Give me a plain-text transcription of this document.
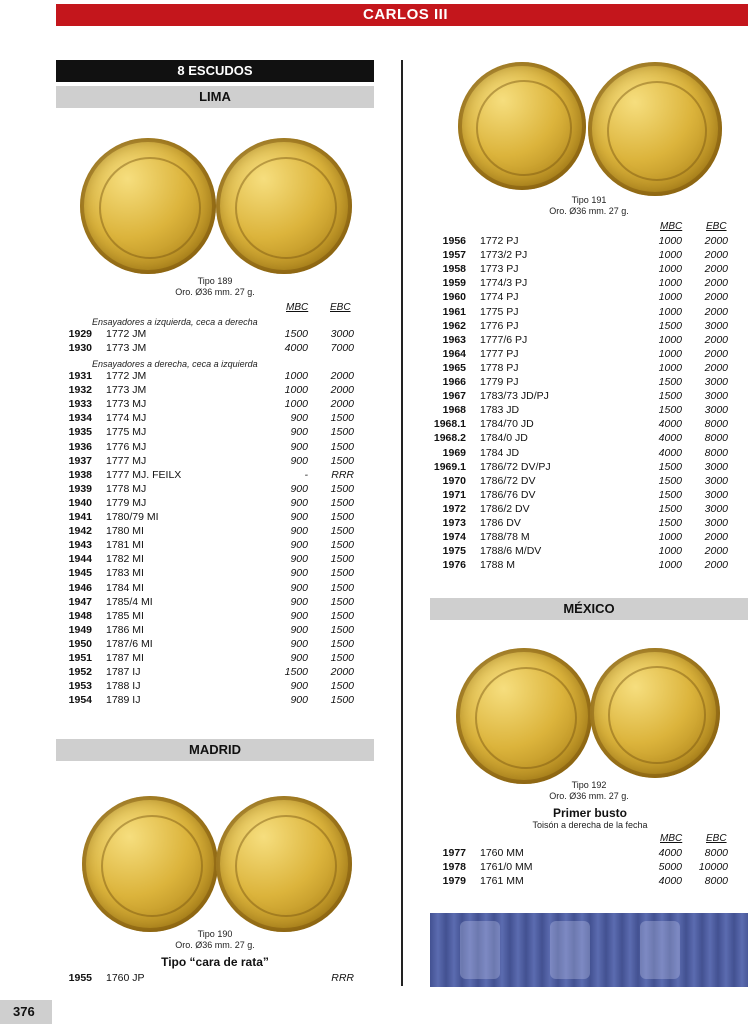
CARLOS III
8 ESCUDOS
LIMA
Tipo 189
Oro. Ø36 mm. 27 g.
MBC EBC
Ensayadores a izquierda, ceca a derecha
1929 1772 JM	1500	3000
1930 1773 JM	4000	7000
Ensayadores a derecha, ceca a izquierda
1931 1772 JM	1000	2000
1932 1773 JM	1000	2000
1933 1773 MJ	1000	2000
1934 1774 MJ	900	1500
1935 1775 MJ	900	1500
1936 1776 MJ	900	1500
1937 1777 MJ	900	1500
1938 1777 MJ. FEILX	-	RRR
1939 1778 MJ	900	1500
1940 1779 MJ	900	1500
1941 1780/79 MI	900	1500
1942 1780 MI	900	1500
1943 1781 MI	900	1500
1944 1782 MI	900	1500
1945 1783 MI	900	1500
1946 1784 MI	900	1500
1947 1785/4 MI	900	1500
1948 1785 MI	900	1500
1949 1786 MI	900	1500
1950 1787/6 MI	900	1500
1951 1787 MI	900	1500
1952 1787 IJ	1500	2000
1953 1788 IJ	900	1500
1954 1789 IJ	900	1500
MADRID
Tipo 190
Oro. Ø36 mm. 27 g.
Tipo “cara de rata”
1955 1760 JP	RRR
Tipo 191
Oro. Ø36 mm. 27 g.
MBC EBC
1956 1772 PJ	1000	2000
1957 1773/2 PJ	1000	2000
1958 1773 PJ	1000	2000
1959 1774/3 PJ	1000	2000
1960 1774 PJ	1000	2000
1961 1775 PJ	1000	2000
1962 1776 PJ	1500	3000
1963 1777/6 PJ	1000	2000
1964 1777 PJ	1000	2000
1965 1778 PJ	1000	2000
1966 1779 PJ	1500	3000
1967 1783/73 JD/PJ	1500	3000
1968 1783 JD	1500	3000
1968.1 1784/70 JD	4000	8000
1968.2 1784/0 JD	4000	8000
1969 1784 JD	4000	8000
1969.1 1786/72 DV/PJ	1500	3000
1970 1786/72 DV	1500	3000
1971 1786/76 DV	1500	3000
1972 1786/2 DV	1500	3000
1973 1786 DV	1500	3000
1974 1788/78 M	1000	2000
1975 1788/6 M/DV	1000	2000
1976 1788 M	1000	2000
MÉXICO
Tipo 192
Oro. Ø36 mm. 27 g.
Primer busto
Toisón a derecha de la fecha
MBC EBC
1977 1760 MM	4000	8000
1978 1761/0 MM	5000	10000
1979 1761 MM	4000	8000
376
